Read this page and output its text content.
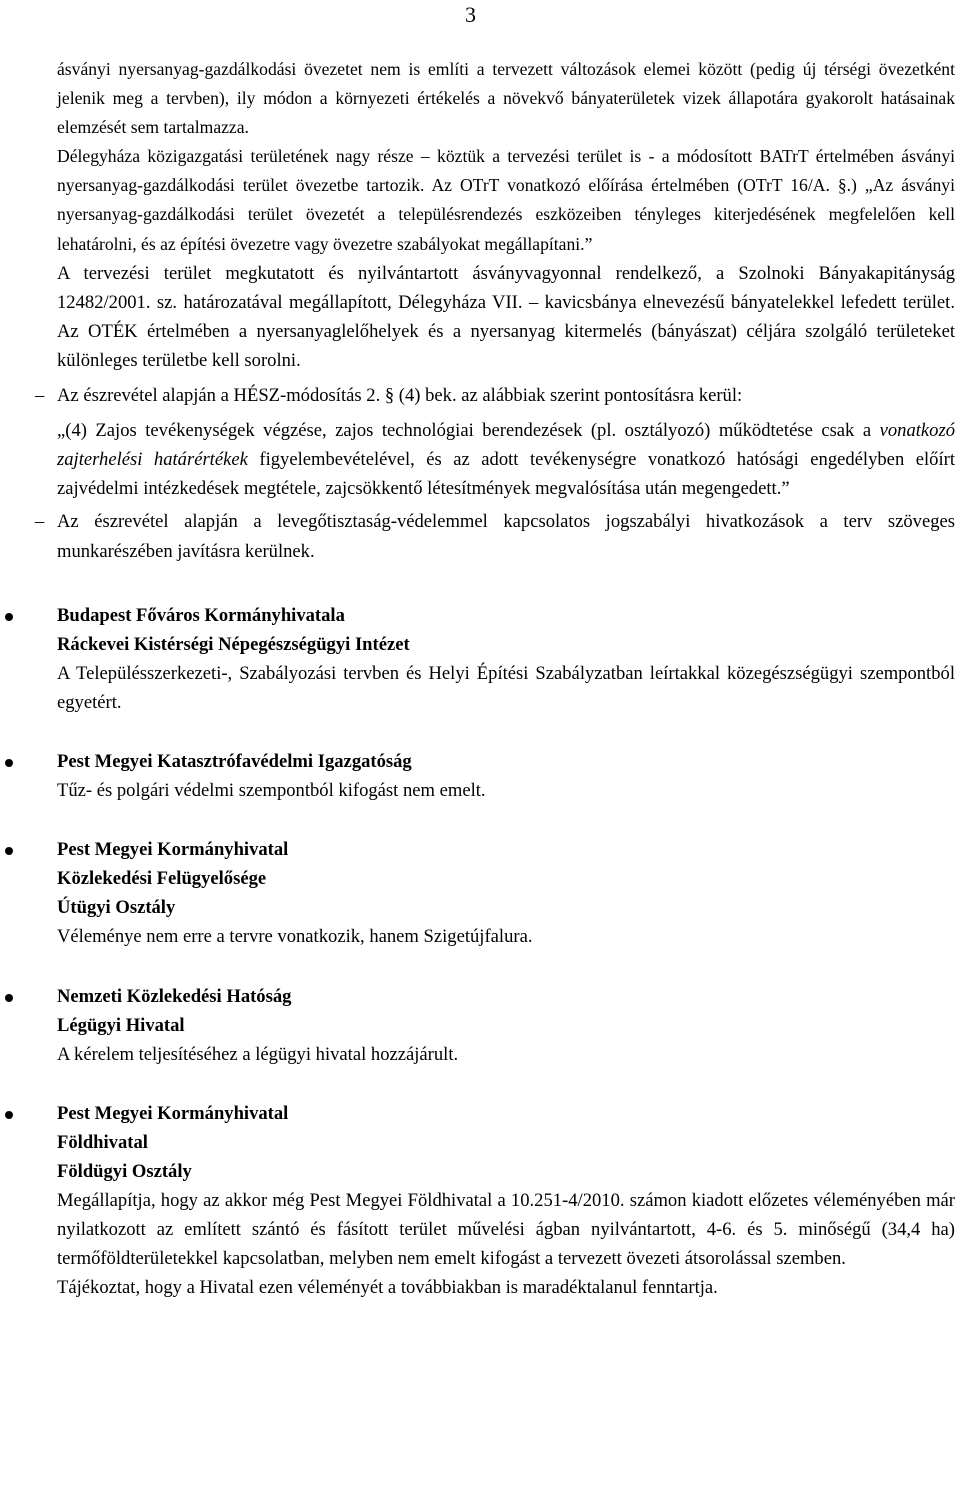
3

ásványi nyersanyag-gazdálkodási övezetet nem is említi a tervezett változások elemei között (pedig új térségi övezetként jelenik meg a tervben), ily módon a környezeti értékelés a növekvő bányaterületek vizek állapotára gyakorolt hatásainak elemzését sem tartalmazza.

Délegyháza közigazgatási területének nagy része – köztük a tervezési terület is - a módosított BATrT értelmében ásványi nyersanyag-gazdálkodási terület övezetbe tartozik. Az OTrT vonatkozó előírása értelmében (OTrT 16/A. §.) „Az ásványi nyersanyag-gazdálkodási terület övezetét a településrendezés eszközeiben tényleges kiterjedésének megfelelően kell lehatárolni, és az építési övezetre vagy övezetre szabályokat megállapítani.”

A tervezési terület megkutatott és nyilvántartott ásványvagyonnal rendelkező, a Szolnoki Bányakapitányság 12482/2001. sz. határozatával megállapított, Délegyháza VII. – kavicsbánya elnevezésű bányatelekkel lefedett terület. Az OTÉK értelmében a nyersanyaglelőhelyek és a nyersanyag kitermelés (bányászat) céljára szolgáló területeket különleges területbe kell sorolni.

– Az észrevétel alapján a HÉSZ-módosítás 2. § (4) bek. az alábbiak szerint pontosításra kerül:

„(4) Zajos tevékenységek végzése, zajos technológiai berendezések (pl. osztályozó) működtetése csak a vonatkozó zajterhelési határértékek figyelembevételével, és az adott tevékenységre vonatkozó hatósági engedélyben előírt zajvédelmi intézkedések megtétele, zajcsökkentő létesítmények megvalósítása után megengedett.”

– Az észrevétel alapján a levegőtisztaság-védelemmel kapcsolatos jogszabályi hivatkozások a terv szöveges munkarészében javításra kerülnek.
Budapest Főváros Kormányhivatala
Ráckevei Kistérségi Népegészségügyi Intézet
A Településszerkezeti-, Szabályozási tervben és Helyi Építési Szabályzatban leírtakkal közegészségügyi szempontból egyetért.
Pest Megyei Katasztrófavédelmi Igazgatóság
Tűz- és polgári védelmi szempontból kifogást nem emelt.
Pest Megyei Kormányhivatal
Közlekedési Felügyelősége
Útügyi Osztály
Véleménye nem erre a tervre vonatkozik, hanem Szigetújfalura.
Nemzeti Közlekedési Hatóság
Légügyi Hivatal
A kérelem teljesítéséhez a légügyi hivatal hozzájárult.
Pest Megyei Kormányhivatal
Földhivatal
Földügyi Osztály
Megállapítja, hogy az akkor még Pest Megyei Földhivatal a 10.251-4/2010. számon kiadott előzetes véleményében már nyilatkozott az említett szántó és fásított terület művelési ágban nyilvántartott, 4-6. és 5. minőségű (34,4 ha) termőföldterületekkel kapcsolatban, melyben nem emelt kifogást a tervezett övezeti átsorolással szemben.
Tájékoztat, hogy a Hivatal ezen véleményét a továbbiakban is maradéktalanul fenntartja.
